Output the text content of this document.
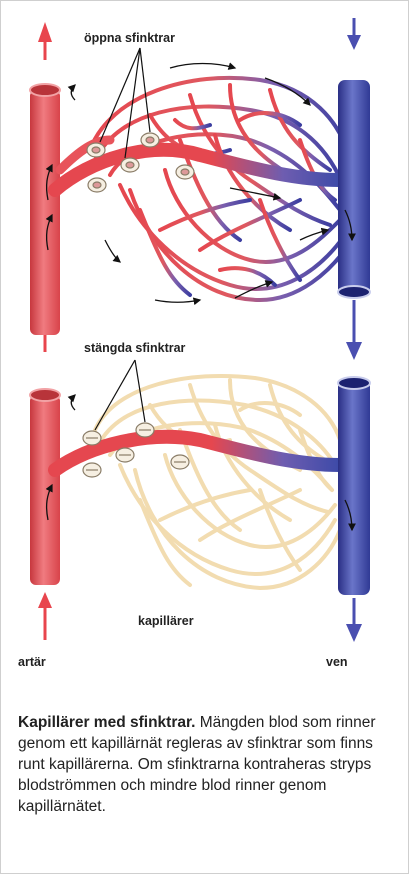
öppna sfinktrar
stängda sfinktrar
kapillärer
artär	ven
Kapillärer med sfinktrar. Mängden blod som rinner genom ett kapillärnät regleras av sfinktrar som finns runt kapillärerna. Om sfinktrarna kontraheras stryps blodströmmen och mindre blod rinner genom kapillärnätet.
